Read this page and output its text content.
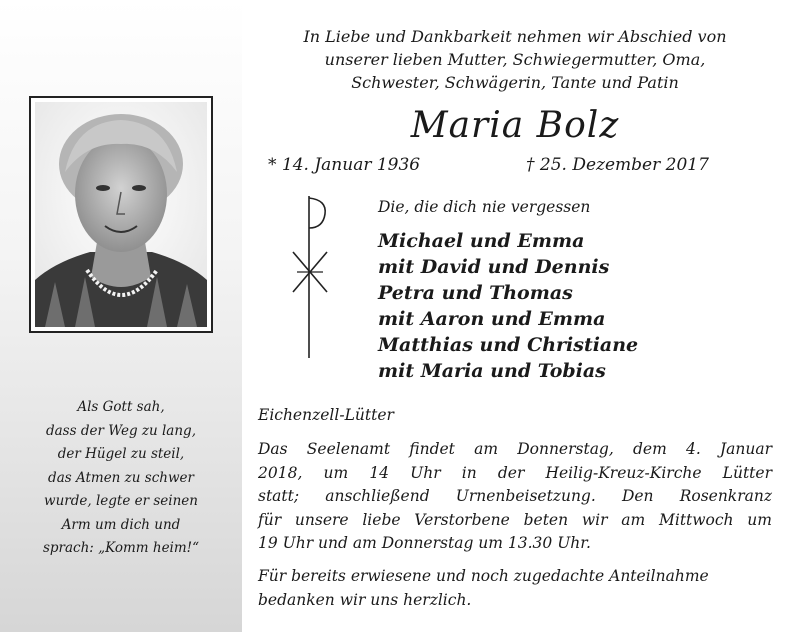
Als Gott sah,
dass der Weg zu lang,
der Hügel zu steil,
das Atmen zu schwer
wurde, legte er seinen
Arm um dich und
sprach: „Komm heim!“
In Liebe und Dankbarkeit nehmen wir Abschied von
unserer lieben Mutter, Schwiegermutter, Oma,
Schwester, Schwägerin, Tante und Patin
Maria Bolz
* 14. Januar 1936	† 25. Dezember 2017
Die, die dich nie vergessen
Michael und Emma
mit David und Dennis
Petra und Thomas
mit Aaron und Emma
Matthias und Christiane
mit Maria und Tobias
Eichenzell-Lütter
Das Seelenamt findet am Donnerstag, dem 4. Januar
2018, um 14 Uhr in der Heilig-Kreuz-Kirche Lütter
statt; anschließend Urnenbeisetzung. Den Rosenkranz
für unsere liebe Verstorbene beten wir am Mittwoch um
19 Uhr und am Donnerstag um 13.30 Uhr.
Für bereits erwiesene und noch zugedachte Anteilnahme
bedanken wir uns herzlich.
